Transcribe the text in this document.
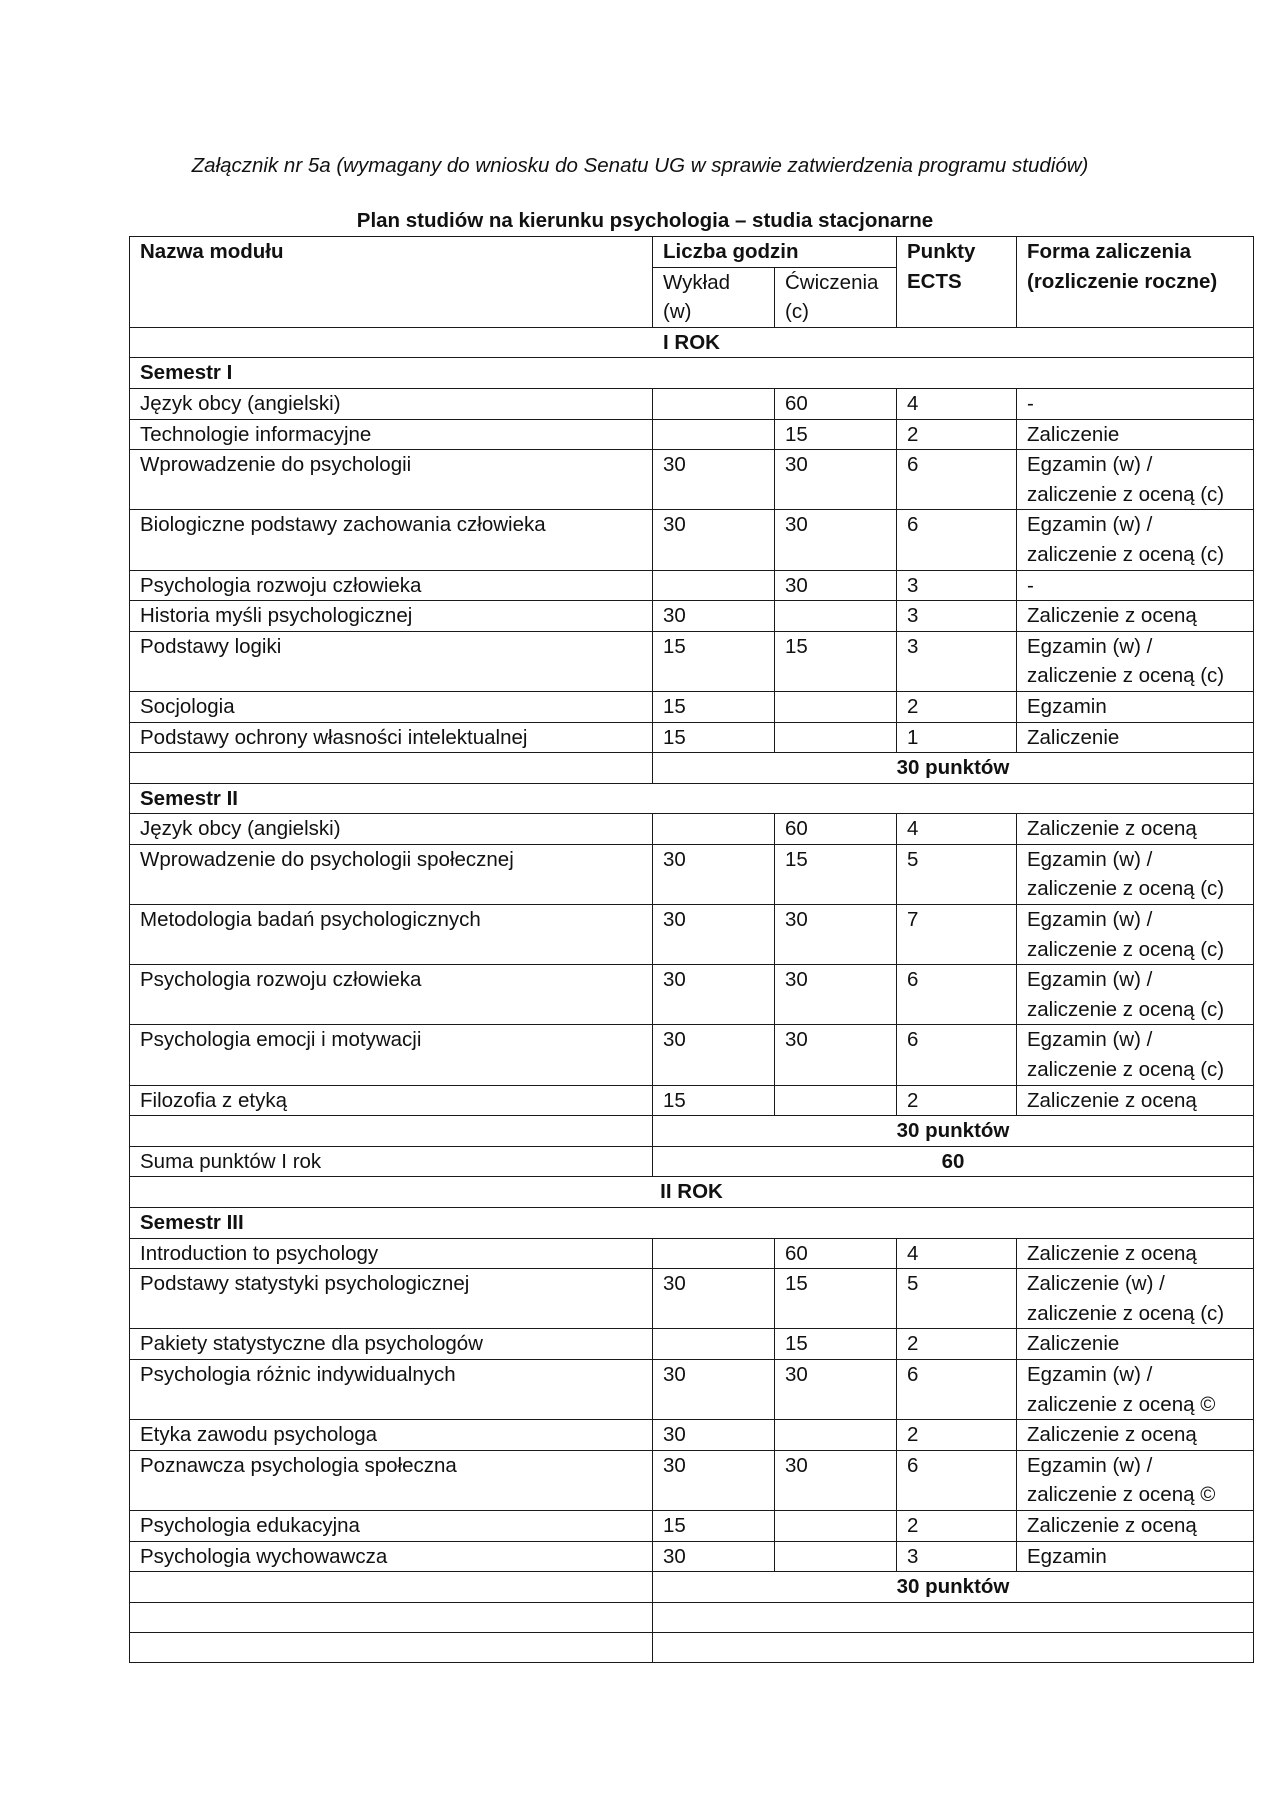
Załącznik nr 5a (wymagany do wniosku do Senatu UG w sprawie zatwierdzenia programu studiów)

Plan studiów na kierunku psychologia – studia stacjonarne

Nazwa modułu	Liczba godzin		Punkty ECTS	Forma zaliczenia (rozliczenie roczne)
	Wykład (w)	Ćwiczenia (c)		
I ROK				
Semestr I				
Język obcy (angielski)		60	4	-
Technologie informacyjne		15	2	Zaliczenie
Wprowadzenie do psychologii	30	30	6	Egzamin (w) / zaliczenie z oceną (c)
Biologiczne podstawy zachowania człowieka	30	30	6	Egzamin (w) / zaliczenie z oceną (c)
Psychologia rozwoju człowieka		30	3	-
Historia myśli psychologicznej	30		3	Zaliczenie z oceną
Podstawy logiki	15	15	3	Egzamin (w) / zaliczenie z oceną (c)
Socjologia	15		2	Egzamin
Podstawy ochrony własności intelektualnej	15		1	Zaliczenie
	30 punktów			
Semestr II				
Język obcy (angielski)		60	4	Zaliczenie z oceną
Wprowadzenie do psychologii społecznej	30	15	5	Egzamin (w) / zaliczenie z oceną (c)
Metodologia badań psychologicznych	30	30	7	Egzamin (w) / zaliczenie z oceną (c)
Psychologia rozwoju człowieka	30	30	6	Egzamin (w) / zaliczenie z oceną (c)
Psychologia emocji i motywacji	30	30	6	Egzamin (w) / zaliczenie z oceną (c)
Filozofia z etyką	15		2	Zaliczenie z oceną
	30 punktów			
Suma punktów I rok	60			
II ROK				
Semestr III				
Introduction to psychology		60	4	Zaliczenie z oceną
Podstawy statystyki psychologicznej	30	15	5	Zaliczenie (w) / zaliczenie z oceną (c)
Pakiety statystyczne dla psychologów		15	2	Zaliczenie
Psychologia różnic indywidualnych	30	30	6	Egzamin (w) / zaliczenie z oceną ©
Etyka zawodu psychologa	30		2	Zaliczenie z oceną
Poznawcza psychologia społeczna	30	30	6	Egzamin (w) / zaliczenie z oceną ©
Psychologia edukacyjna	15		2	Zaliczenie z oceną
Psychologia wychowawcza	30		3	Egzamin
	30 punktów			
